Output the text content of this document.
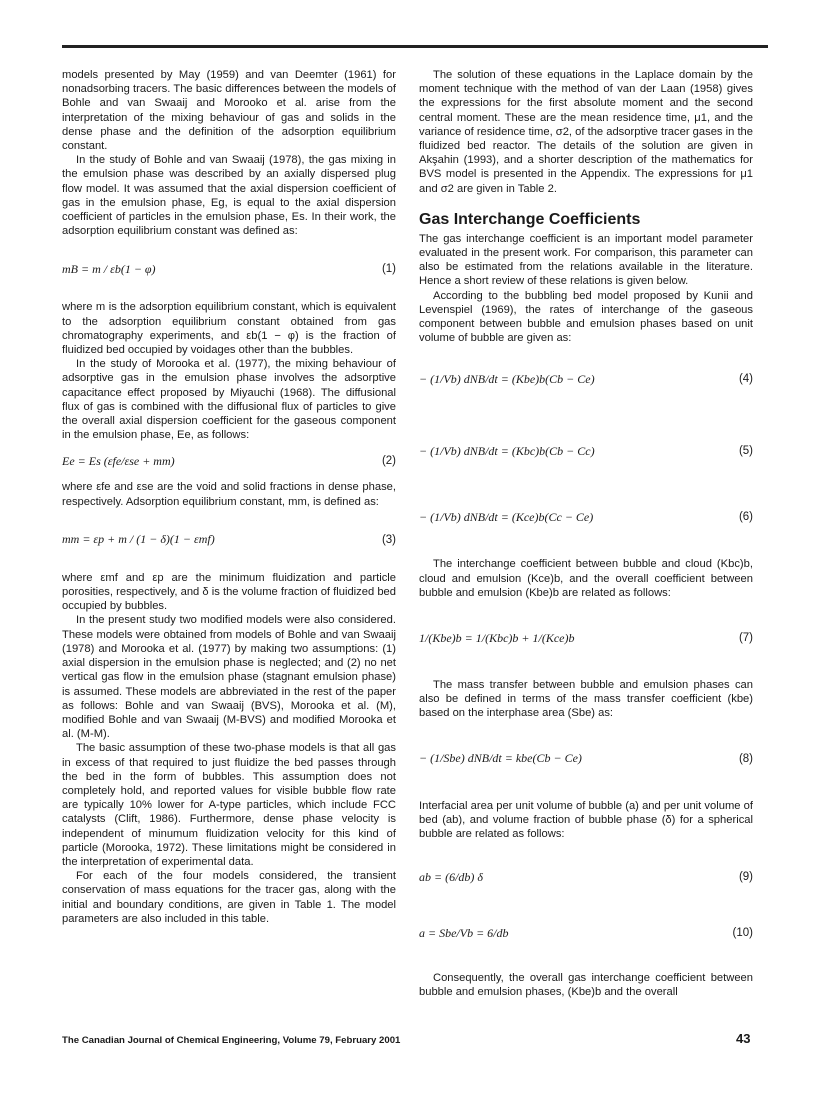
models presented by May (1959) and van Deemter (1961) for nonadsorbing tracers. The basic differences between the models of Bohle and van Swaaij and Morooko et al. arise from the interpretation of the mixing behaviour of gas and solids in the dense phase and the definition of the adsorption equilibrium constant.

In the study of Bohle and van Swaaij (1978), the gas mixing in the emulsion phase was described by an axially dispersed plug flow model. It was assumed that the axial dispersion coefficient of gas in the emulsion phase, Eg, is equal to the axial dispersion coefficient of particles in the emulsion phase, Es. In their work, the adsorption equilibrium constant was defined as:

mB = m / εb(1 − φ)	(1)

where m is the adsorption equilibrium constant, which is equivalent to the adsorption equilibrium constant obtained from gas chromatography experiments, and εb(1 − φ) is the fraction of fluidized bed occupied by voidages other than the bubbles.

In the study of Morooka et al. (1977), the mixing behaviour of adsorptive gas in the emulsion phase involves the adsorptive capacitance effect proposed by Miyauchi (1968). The diffusional flux of gas is combined with the diffusional flux of particles to give the overall axial dispersion coefficient for the gaseous component in the emulsion phase, Ee, as follows:

Ee = Es (εfe/εse + mm)	(2)

where εfe and εse are the void and solid fractions in dense phase, respectively. Adsorption equilibrium constant, mm, is defined as:

mm = εp + m / (1 − δ)(1 − εmf)	(3)

where εmf and εp are the minimum fluidization and particle porosities, respectively, and δ is the volume fraction of fluidized bed occupied by bubbles.

In the present study two modified models were also considered. These models were obtained from models of Bohle and van Swaaij (1978) and Morooka et al. (1977) by making two assumptions: (1) axial dispersion in the emulsion phase is neglected; and (2) no net vertical gas flow in the emulsion phase (stagnant emulsion phase) is assumed. These models are abbreviated in the rest of the paper as follows: Bohle and van Swaaij (BVS), Morooka et al. (M), modified Bohle and van Swaaij (M-BVS) and modified Morooka et al. (M-M).

The basic assumption of these two-phase models is that all gas in excess of that required to just fluidize the bed passes through the bed in the form of bubbles. This assumption does not completely hold, and reported values for visible bubble flow rate are typically 10% lower for A-type particles, which include FCC catalysts (Clift, 1986). Furthermore, dense phase velocity is independent of minumum fluidization velocity for this kind of particle (Morooka, 1972). These limitations might be considered in the interpretation of experimental data.

For each of the four models considered, the transient conservation of mass equations for the tracer gas, along with the initial and boundary conditions, are given in Table 1. The model parameters are also included in this table.

The solution of these equations in the Laplace domain by the moment technique with the method of van der Laan (1958) gives the expressions for the first absolute moment and the second central moment. These are the mean residence time, μ1, and the variance of residence time, σ2, of the adsorptive tracer gases in the fluidized bed reactor. The details of the solution are given in Akşahin (1993), and a shorter description of the mathematics for BVS model is presented in the Appendix. The expressions for μ1 and σ2 are given in Table 2.

Gas Interchange Coefficients

The gas interchange coefficient is an important model parameter evaluated in the present work. For comparison, this parameter can also be estimated from the relations available in the literature. Hence a short review of these relations is given below.

According to the bubbling bed model proposed by Kunii and Levenspiel (1969), the rates of interchange of the gaseous component between bubble and emulsion phases based on unit volume of bubble are given as:

− (1/Vb) dNB/dt = (Kbe)b(Cb − Ce)	(4)
− (1/Vb) dNB/dt = (Kbc)b(Cb − Cc)	(5)
− (1/Vb) dNB/dt = (Kce)b(Cc − Ce)	(6)

The interchange coefficient between bubble and cloud (Kbc)b, cloud and emulsion (Kce)b, and the overall coefficient between bubble and emulsion (Kbe)b are related as follows:

1/(Kbe)b = 1/(Kbc)b + 1/(Kce)b	(7)

The mass transfer between bubble and emulsion phases can also be defined in terms of the mass transfer coefficient (kbe) based on the interphase area (Sbe) as:

− (1/Sbe) dNB/dt = kbe(Cb − Ce)	(8)

Interfacial area per unit volume of bubble (a) and per unit volume of bed (ab), and volume fraction of bubble phase (δ) for a spherical bubble are related as follows:

ab = (6/db) δ	(9)
a = Sbe/Vb = 6/db	(10)

Consequently, the overall gas interchange coefficient between bubble and emulsion phases, (Kbe)b and the overall

The Canadian Journal of Chemical Engineering, Volume 79, February 2001	43
